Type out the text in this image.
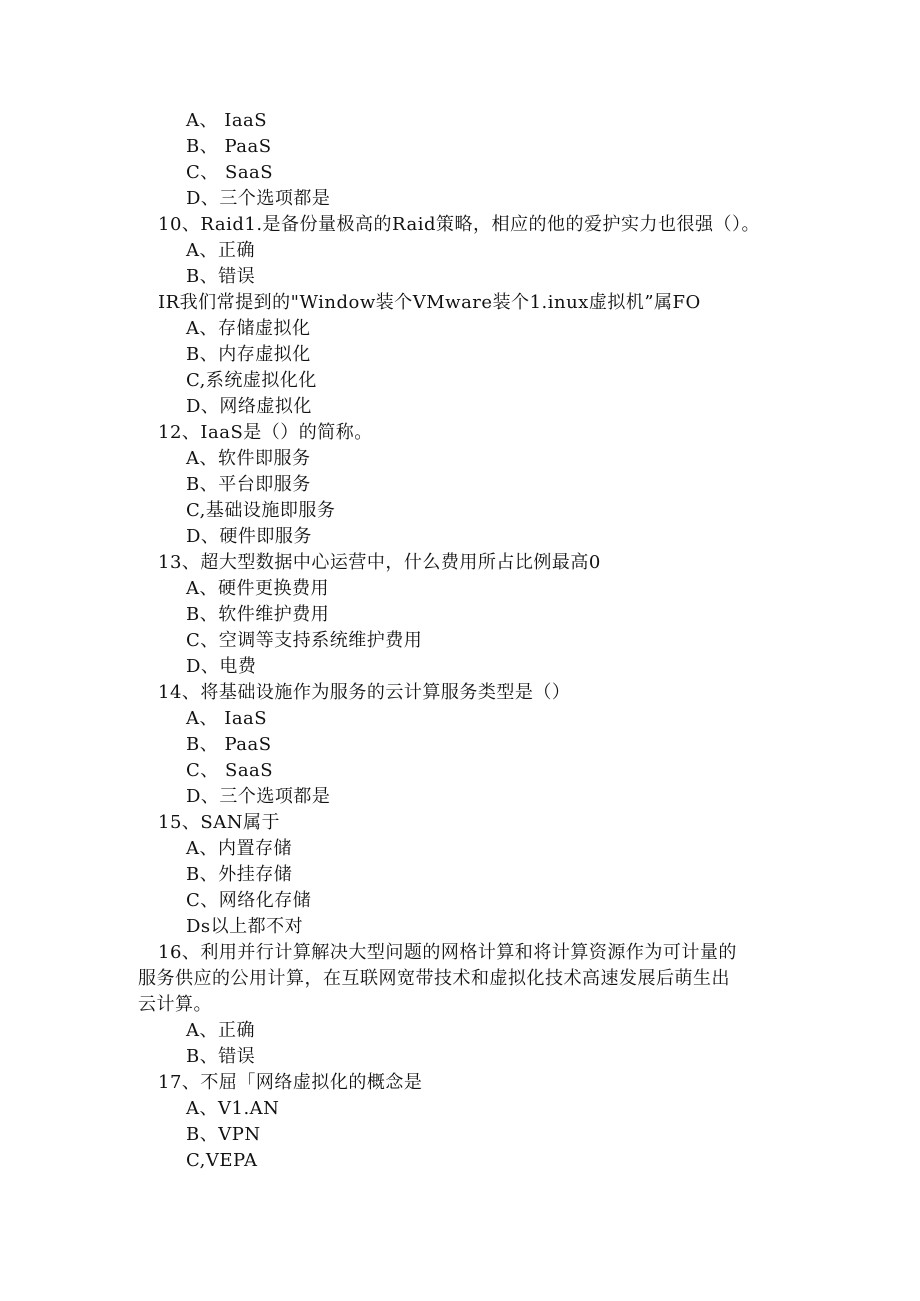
A、 IaaS
B、 PaaS
C、 SaaS
D、三个选项都是
10、Raid1.是备份量极高的Raid策略，相应的他的爱护实力也很强（）。
A、正确
B、错误
IR我们常提到的"Window装个VMware装个1.inux虚拟机”属FO
A、存储虚拟化
B、内存虚拟化
C,系统虚拟化化
D、网络虚拟化
12、IaaS是（）的简称。
A、软件即服务
B、平台即服务
C,基础设施即服务
D、硬件即服务
13、超大型数据中心运营中，什么费用所占比例最高0
A、硬件更换费用
B、软件维护费用
C、空调等支持系统维护费用
D、电费
14、将基础设施作为服务的云计算服务类型是（）
A、 IaaS
B、 PaaS
C、 SaaS
D、三个选项都是
15、SAN属于
A、内置存储
B、外挂存储
C、网络化存储
Ds以上都不对
16、利用并行计算解决大型问题的网格计算和将计算资源作为可计量的
服务供应的公用计算，在互联网宽带技术和虚拟化技术高速发展后萌生出
云计算。
A、正确
B、错误
17、不屈「网络虚拟化的概念是
A、V1.AN
B、VPN
C,VEPA
